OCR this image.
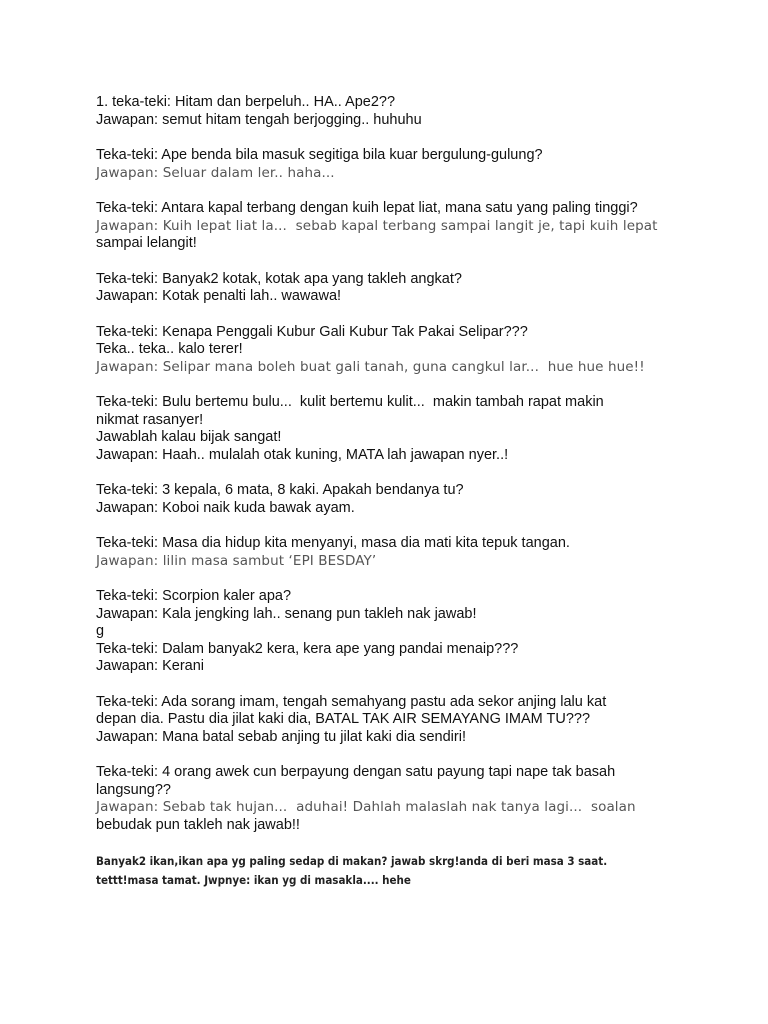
1. teka-teki: Hitam dan berpeluh.. HA.. Ape2??
Jawapan: semut hitam tengah berjogging.. huhuhu
Teka-teki: Ape benda bila masuk segitiga bila kuar bergulung-gulung?
Jawapan: Seluar dalam ler.. haha...
Teka-teki: Antara kapal terbang dengan kuih lepat liat, mana satu yang paling tinggi?
Jawapan: Kuih lepat liat la...  sebab kapal terbang sampai langit je, tapi kuih lepat
sampai lelangit!
Teka-teki: Banyak2 kotak, kotak apa yang takleh angkat?
Jawapan: Kotak penalti lah.. wawawa!
Teka-teki: Kenapa Penggali Kubur Gali Kubur Tak Pakai Selipar???
Teka.. teka.. kalo terer!
Jawapan: Selipar mana boleh buat gali tanah, guna cangkul lar...  hue hue hue!!
Teka-teki: Bulu bertemu bulu...  kulit bertemu kulit...  makin tambah rapat makin
nikmat rasanyer!
Jawablah kalau bijak sangat!
Jawapan: Haah.. mulalah otak kuning, MATA lah jawapan nyer..!
Teka-teki: 3 kepala, 6 mata, 8 kaki. Apakah bendanya tu?
Jawapan: Koboi naik kuda bawak ayam.
Teka-teki: Masa dia hidup kita menyanyi, masa dia mati kita tepuk tangan.
Jawapan: lilin masa sambut ‘EPI BESDAY’
Teka-teki: Scorpion kaler apa?
Jawapan: Kala jengking lah.. senang pun takleh nak jawab!
g
Teka-teki: Dalam banyak2 kera, kera ape yang pandai menaip???
Jawapan: Kerani
Teka-teki: Ada sorang imam, tengah semahyang pastu ada sekor anjing lalu kat
depan dia. Pastu dia jilat kaki dia, BATAL TAK AIR SEMAYANG IMAM TU???
Jawapan: Mana batal sebab anjing tu jilat kaki dia sendiri!
Teka-teki: 4 orang awek cun berpayung dengan satu payung tapi nape tak basah langsung??
Jawapan: Sebab tak hujan...  aduhai! Dahlah malaslah nak tanya lagi...  soalan
bebudak pun takleh nak jawab!!
Banyak2 ikan,ikan apa yg paling sedap di makan? jawab skrg!anda di beri masa 3 saat. tettt!masa tamat. Jwpnye: ikan yg di masakla.... hehe
